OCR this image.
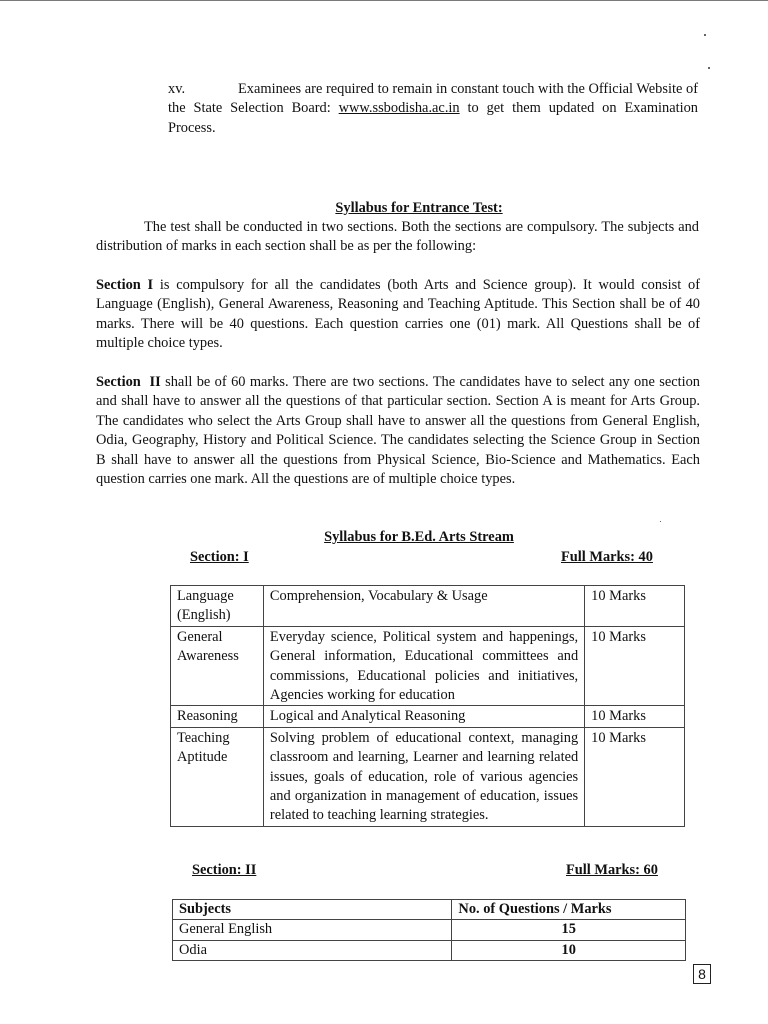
xv.	Examinees are required to remain in constant touch with the Official Website of the State Selection Board: www.ssbodisha.ac.in to get them updated on Examination Process.
Syllabus for Entrance Test:
The test shall be conducted in two sections. Both the sections are compulsory. The subjects and distribution of marks in each section shall be as per the following:
Section I is compulsory for all the candidates (both Arts and Science group). It would consist of Language (English), General Awareness, Reasoning and Teaching Aptitude. This Section shall be of 40 marks. There will be 40 questions. Each question carries one (01) mark. All Questions shall be of multiple choice types.
Section  II shall be of 60 marks. There are two sections. The candidates have to select any one section and shall have to answer all the questions of that particular section. Section A is meant for Arts Group. The candidates who select the Arts Group shall have to answer all the questions from General English, Odia, Geography, History and Political Science. The candidates selecting the Science Group in Section B shall have to answer all the questions from Physical Science, Bio-Science and Mathematics. Each question carries one mark. All the questions are of multiple choice types.
Syllabus for B.Ed. Arts Stream
Section: I	Full Marks: 40
Language (English)	Comprehension, Vocabulary & Usage	10 Marks
General Awareness	Everyday science, Political system and happenings, General information, Educational committees and commissions, Educational policies and initiatives, Agencies working for education	10 Marks
Reasoning	Logical and Analytical Reasoning	10 Marks
Teaching Aptitude	Solving problem of educational context, managing classroom and learning, Learner and learning related issues, goals of education, role of various agencies and organization in management of education, issues related to teaching learning strategies.	10 Marks
Section: II	Full Marks: 60
Subjects	No. of Questions / Marks
General English	15
Odia	10
8
